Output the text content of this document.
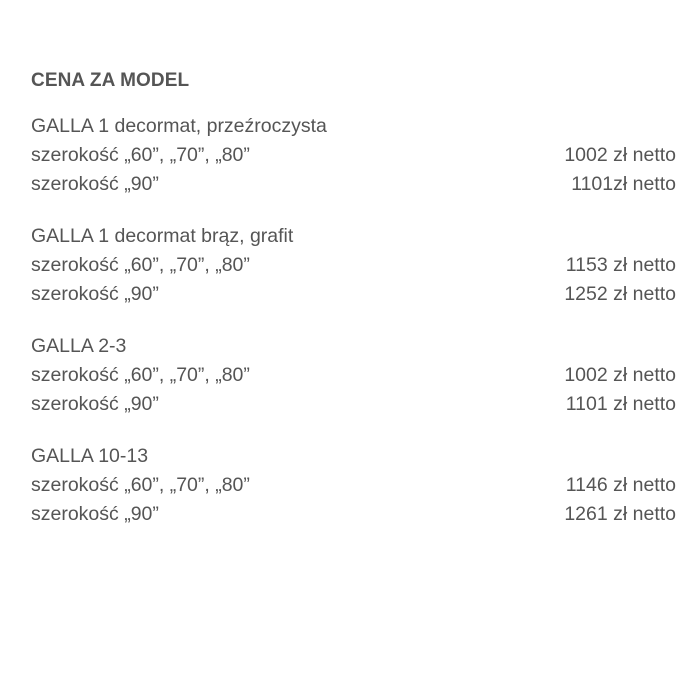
CENA ZA MODEL
GALLA 1 decormat, przeźroczysta
szerokość „60”, „70”, „80”	1002 zł netto
szerokość „90”	1101zł netto
GALLA 1 decormat brąz, grafit
szerokość „60”, „70”, „80”	1153 zł netto
szerokość „90”	1252 zł netto
GALLA 2-3
szerokość „60”, „70”, „80”	1002 zł netto
szerokość „90”	1101 zł netto
GALLA 10-13
szerokość „60”, „70”, „80”	1146 zł netto
szerokość „90”	1261 zł netto
